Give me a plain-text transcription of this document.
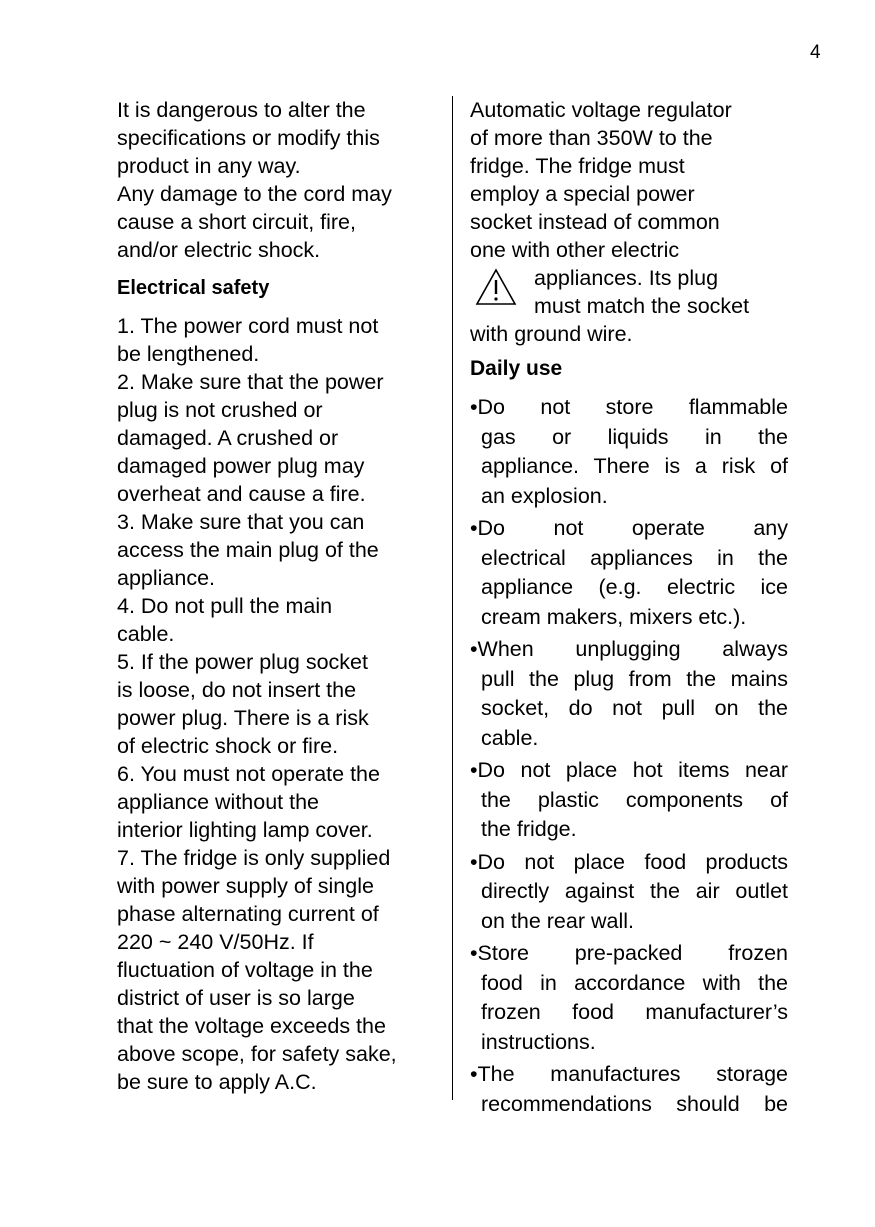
4
It is dangerous to alter the
specifications or modify this
product in any way.
Any damage to the cord may
cause a short circuit, fire,
and/or electric shock.
Electrical safety
1. The power cord must not
be lengthened.
2. Make sure that the power
plug is not crushed or
damaged. A crushed or
damaged power plug may
overheat and cause a fire.
3. Make sure that you can
access the main plug of the
appliance.
4. Do not pull the main
cable.
5. If the power plug socket
is loose, do not insert the
power plug. There is a risk
of electric shock or fire.
6. You must not operate the
appliance without the
interior lighting lamp cover.
7. The fridge is only supplied
with power supply of single
phase alternating current of
220 ~ 240 V/50Hz. If
fluctuation of voltage in the
district of user is so large
that the voltage exceeds the
above scope, for safety sake,
be sure to apply A.C.
Automatic voltage regulator
of more than 350W to the
fridge. The fridge must
employ a special power
socket instead of common
one with other electric
appliances. Its plug
must match the socket
with ground wire.
Daily use
•Do not store flammable
gas or liquids in the
appliance. There is a risk of
an explosion.
•Do not operate any
electrical appliances in the
appliance (e.g. electric ice
cream makers, mixers etc.).
•When unplugging always
pull the plug from the mains
socket, do not pull on the
cable.
•Do not place hot items near
the plastic components of
the fridge.
•Do not place food products
directly against the air outlet
on the rear wall.
•Store pre-packed frozen
food in accordance with the
frozen food manufacturer’s
instructions.
•The manufactures storage
recommendations should be
